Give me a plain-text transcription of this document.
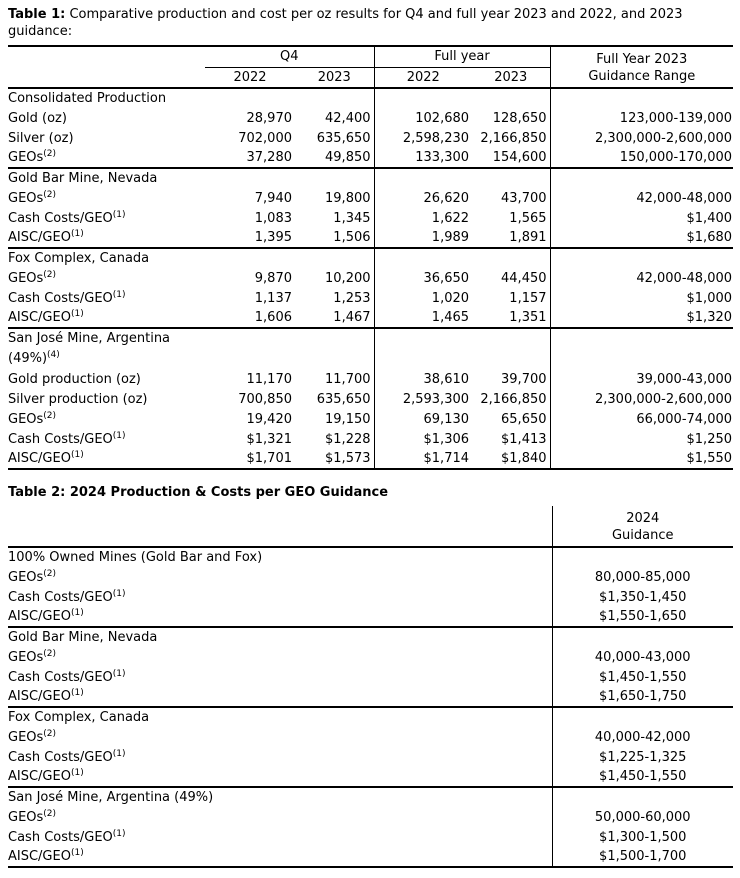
Table 1: Comparative production and cost per oz results for Q4 and full year 2023 and 2022, and 2023 guidance:

	Q4		Full year		Full Year 2023
Guidance Range

	2022	2023	2022	2023	
Consolidated Production					
Gold (oz)	28,970	42,400	102,680	128,650	123,000-139,000
Silver (oz)	702,000	635,650	2,598,230	2,166,850	2,300,000-2,600,000
GEOs$^{(2)}$	37,280	49,850	133,300	154,600	150,000-170,000
Gold Bar Mine, Nevada					
GEOs$^{(2)}$	7,940	19,800	26,620	43,700	42,000-48,000
Cash Costs/GEO$^{(1)}$	1,083	1,345	1,622	1,565	$1,400
AISC/GEO$^{(1)}$	1,395	1,506	1,989	1,891	$1,680
Fox Complex, Canada					
GEOs$^{(2)}$	9,870	10,200	36,650	44,450	42,000-48,000
Cash Costs/GEO$^{(1)}$	1,137	1,253	1,020	1,157	$1,000
AISC/GEO$^{(1)}$	1,606	1,467	1,465	1,351	$1,320

San José Mine, Argentina
(49%)$^{(4)}$

Gold production (oz)	11,170	11,700	38,610	39,700	39,000-43,000
Silver production (oz)	700,850	635,650	2,593,300	2,166,850	2,300,000-2,600,000
GEOs$^{(2)}$	19,420	19,150	69,130	65,650	66,000-74,000
Cash Costs/GEO$^{(1)}$	$1,321	$1,228	$1,306	$1,413	$1,250
AISC/GEO$^{(1)}$	$1,701	$1,573	$1,714	$1,840	$1,550

Table 2: 2024 Production & Costs per GEO Guidance

	2024
Guidance

100% Owned Mines (Gold Bar and Fox)	
GEOs$^{(2)}$	80,000-85,000
Cash Costs/GEO$^{(1)}$	$1,350-1,450
AISC/GEO$^{(1)}$	$1,550-1,650
Gold Bar Mine, Nevada	
GEOs$^{(2)}$	40,000-43,000
Cash Costs/GEO$^{(1)}$	$1,450-1,550
AISC/GEO$^{(1)}$	$1,650-1,750
Fox Complex, Canada	
GEOs$^{(2)}$	40,000-42,000
Cash Costs/GEO$^{(1)}$	$1,225-1,325
AISC/GEO$^{(1)}$	$1,450-1,550
San José Mine, Argentina (49%)	
GEOs$^{(2)}$	50,000-60,000
Cash Costs/GEO$^{(1)}$	$1,300-1,500
AISC/GEO$^{(1)}$	$1,500-1,700
